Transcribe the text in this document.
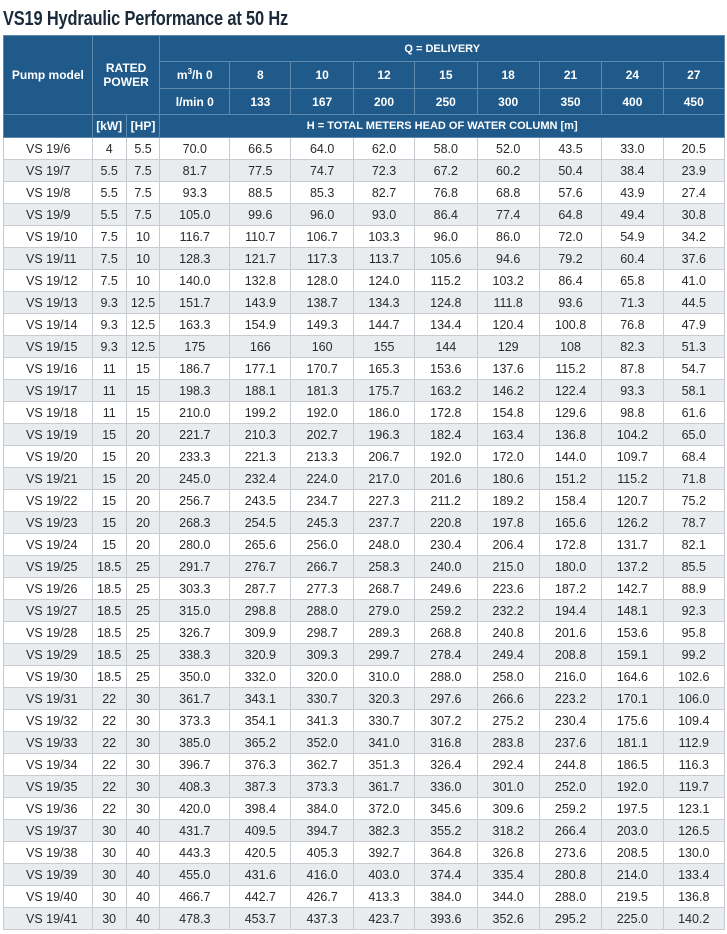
VS19 Hydraulic Performance at 50 Hz
Pump model	RATED POWER		Q = DELIVERY								
			$m^3/h$ 0	8	10	12	15	18	21	24	27
			l/min 0	133	167	200	250	300	350	400	450
	[kW]	[HP]	H = TOTAL METERS HEAD OF WATER COLUMN [m]								
VS 19/6	4	5.5	70.0	66.5	64.0	62.0	58.0	52.0	43.5	33.0	20.5
VS 19/7	5.5	7.5	81.7	77.5	74.7	72.3	67.2	60.2	50.4	38.4	23.9
VS 19/8	5.5	7.5	93.3	88.5	85.3	82.7	76.8	68.8	57.6	43.9	27.4
VS 19/9	5.5	7.5	105.0	99.6	96.0	93.0	86.4	77.4	64.8	49.4	30.8
VS 19/10	7.5	10	116.7	110.7	106.7	103.3	96.0	86.0	72.0	54.9	34.2
VS 19/11	7.5	10	128.3	121.7	117.3	113.7	105.6	94.6	79.2	60.4	37.6
VS 19/12	7.5	10	140.0	132.8	128.0	124.0	115.2	103.2	86.4	65.8	41.0
VS 19/13	9.3	12.5	151.7	143.9	138.7	134.3	124.8	111.8	93.6	71.3	44.5
VS 19/14	9.3	12.5	163.3	154.9	149.3	144.7	134.4	120.4	100.8	76.8	47.9
VS 19/15	9.3	12.5	175	166	160	155	144	129	108	82.3	51.3
VS 19/16	11	15	186.7	177.1	170.7	165.3	153.6	137.6	115.2	87.8	54.7
VS 19/17	11	15	198.3	188.1	181.3	175.7	163.2	146.2	122.4	93.3	58.1
VS 19/18	11	15	210.0	199.2	192.0	186.0	172.8	154.8	129.6	98.8	61.6
VS 19/19	15	20	221.7	210.3	202.7	196.3	182.4	163.4	136.8	104.2	65.0
VS 19/20	15	20	233.3	221.3	213.3	206.7	192.0	172.0	144.0	109.7	68.4
VS 19/21	15	20	245.0	232.4	224.0	217.0	201.6	180.6	151.2	115.2	71.8
VS 19/22	15	20	256.7	243.5	234.7	227.3	211.2	189.2	158.4	120.7	75.2
VS 19/23	15	20	268.3	254.5	245.3	237.7	220.8	197.8	165.6	126.2	78.7
VS 19/24	15	20	280.0	265.6	256.0	248.0	230.4	206.4	172.8	131.7	82.1
VS 19/25	18.5	25	291.7	276.7	266.7	258.3	240.0	215.0	180.0	137.2	85.5
VS 19/26	18.5	25	303.3	287.7	277.3	268.7	249.6	223.6	187.2	142.7	88.9
VS 19/27	18.5	25	315.0	298.8	288.0	279.0	259.2	232.2	194.4	148.1	92.3
VS 19/28	18.5	25	326.7	309.9	298.7	289.3	268.8	240.8	201.6	153.6	95.8
VS 19/29	18.5	25	338.3	320.9	309.3	299.7	278.4	249.4	208.8	159.1	99.2
VS 19/30	18.5	25	350.0	332.0	320.0	310.0	288.0	258.0	216.0	164.6	102.6
VS 19/31	22	30	361.7	343.1	330.7	320.3	297.6	266.6	223.2	170.1	106.0
VS 19/32	22	30	373.3	354.1	341.3	330.7	307.2	275.2	230.4	175.6	109.4
VS 19/33	22	30	385.0	365.2	352.0	341.0	316.8	283.8	237.6	181.1	112.9
VS 19/34	22	30	396.7	376.3	362.7	351.3	326.4	292.4	244.8	186.5	116.3
VS 19/35	22	30	408.3	387.3	373.3	361.7	336.0	301.0	252.0	192.0	119.7
VS 19/36	22	30	420.0	398.4	384.0	372.0	345.6	309.6	259.2	197.5	123.1
VS 19/37	30	40	431.7	409.5	394.7	382.3	355.2	318.2	266.4	203.0	126.5
VS 19/38	30	40	443.3	420.5	405.3	392.7	364.8	326.8	273.6	208.5	130.0
VS 19/39	30	40	455.0	431.6	416.0	403.0	374.4	335.4	280.8	214.0	133.4
VS 19/40	30	40	466.7	442.7	426.7	413.3	384.0	344.0	288.0	219.5	136.8
VS 19/41	30	40	478.3	453.7	437.3	423.7	393.6	352.6	295.2	225.0	140.2
